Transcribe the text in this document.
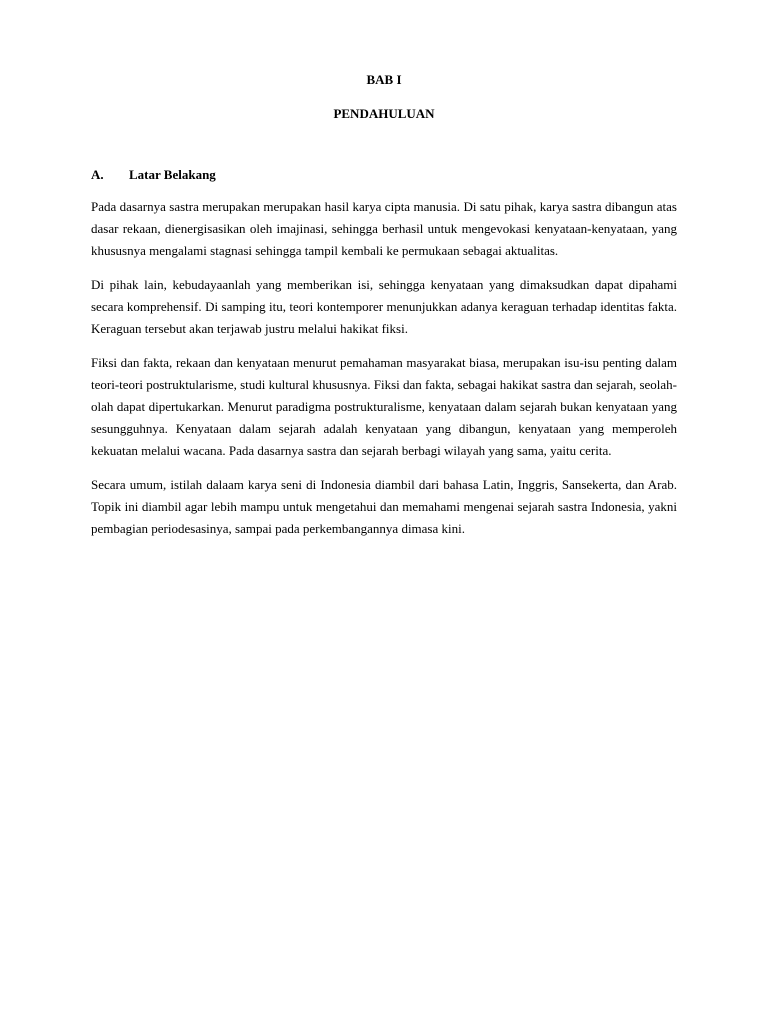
BAB I
PENDAHULUAN
A.	Latar Belakang

Pada dasarnya sastra merupakan merupakan hasil karya cipta manusia. Di satu pihak, karya sastra dibangun atas dasar rekaan, dienergisasikan oleh imajinasi, sehingga berhasil untuk mengevokasi kenyataan-kenyataan, yang khususnya mengalami stagnasi sehingga tampil kembali ke permukaan sebagai aktualitas.

Di pihak lain, kebudayaanlah yang memberikan isi, sehingga kenyataan yang dimaksudkan dapat dipahami secara komprehensif. Di samping itu, teori kontemporer menunjukkan adanya keraguan terhadap identitas fakta. Keraguan tersebut akan terjawab justru melalui hakikat fiksi.

Fiksi dan fakta, rekaan dan kenyataan menurut pemahaman masyarakat biasa, merupakan isu-isu penting dalam teori-teori postruktularisme, studi kultural khususnya. Fiksi dan fakta, sebagai hakikat sastra dan sejarah, seolah-olah dapat dipertukarkan. Menurut paradigma postrukturalisme, kenyataan dalam sejarah bukan kenyataan yang sesungguhnya. Kenyataan dalam sejarah adalah kenyataan yang dibangun, kenyataan yang memperoleh kekuatan melalui wacana. Pada dasarnya sastra dan sejarah berbagi wilayah yang sama, yaitu cerita.

Secara umum, istilah dalaam karya seni di Indonesia diambil dari bahasa Latin, Inggris, Sansekerta, dan Arab. Topik ini diambil agar lebih mampu untuk mengetahui dan memahami mengenai sejarah sastra Indonesia, yakni pembagian periodesasinya, sampai pada perkembangannya dimasa kini.
